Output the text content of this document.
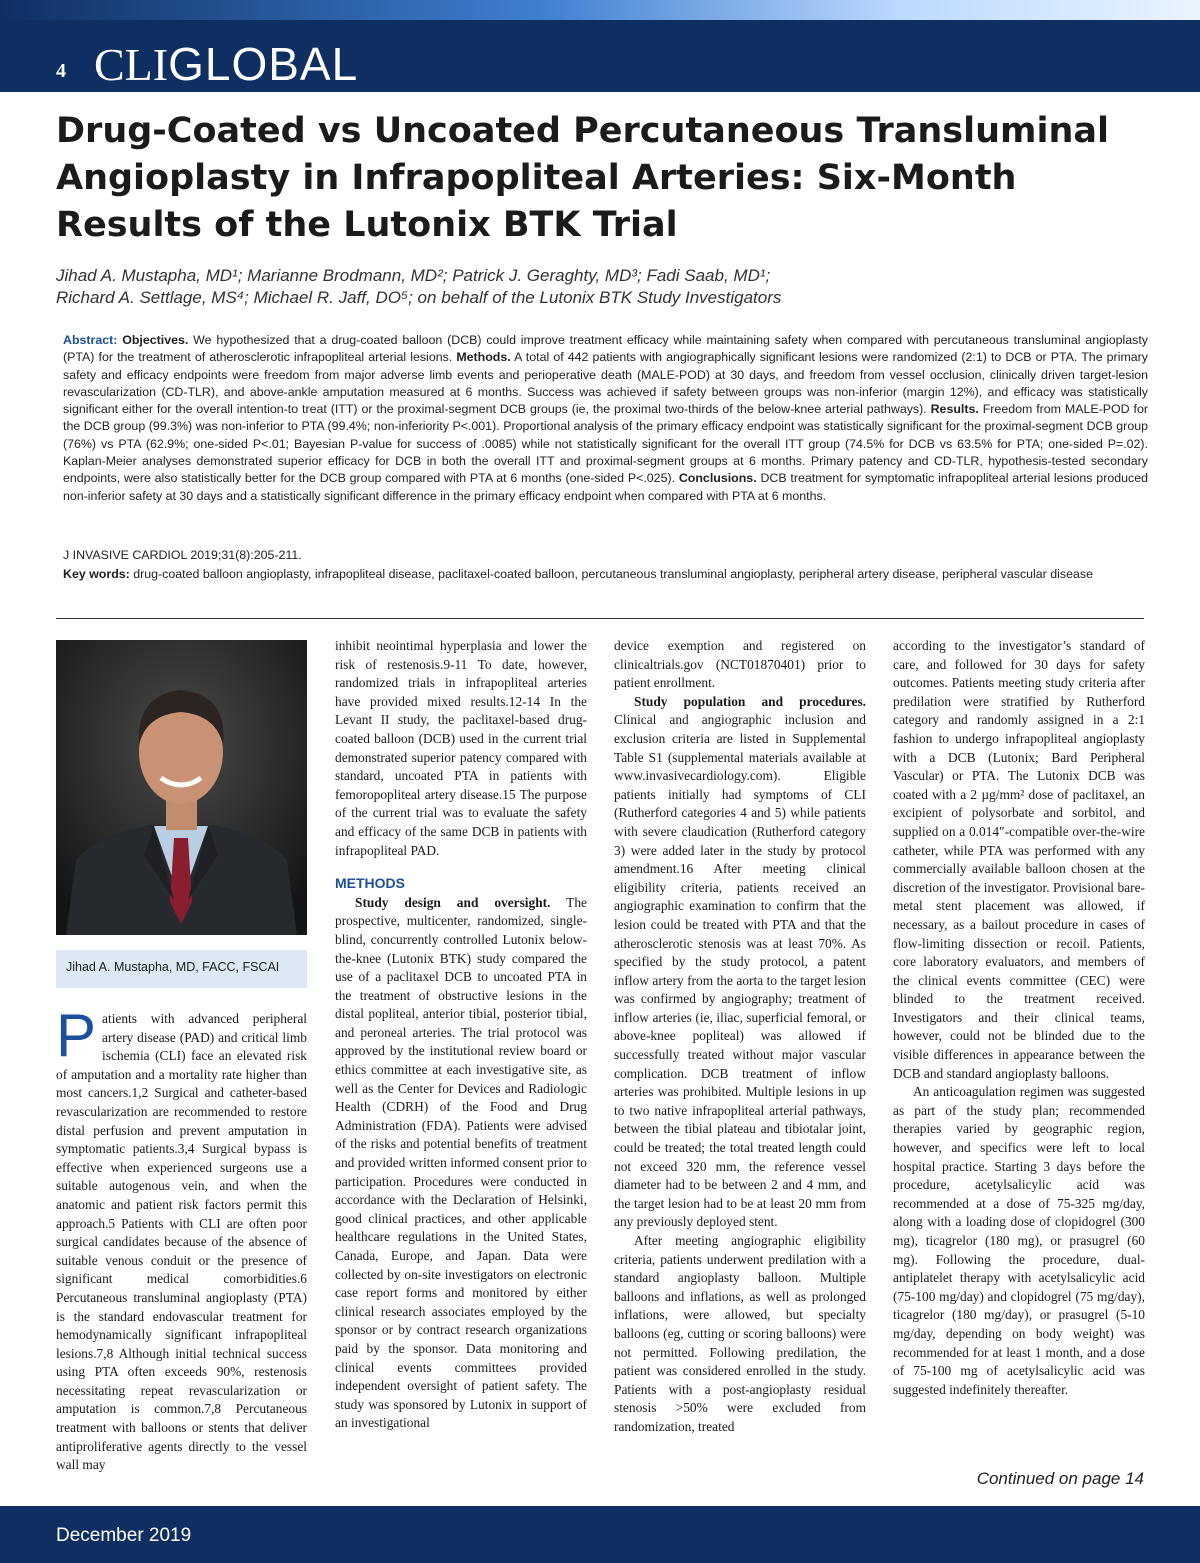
4 CLIGLOBAL
Drug-Coated vs Uncoated Percutaneous Transluminal Angioplasty in Infrapopliteal Arteries: Six-Month Results of the Lutonix BTK Trial
Jihad A. Mustapha, MD¹; Marianne Brodmann, MD²; Patrick J. Geraghty, MD³; Fadi Saab, MD¹;
Richard A. Settlage, MS⁴; Michael R. Jaff, DO⁵; on behalf of the Lutonix BTK Study Investigators
Abstract: Objectives. We hypothesized that a drug-coated balloon (DCB) could improve treatment efficacy while maintaining safety when compared with percutaneous transluminal angioplasty (PTA) for the treatment of atherosclerotic infrapopliteal arterial lesions. Methods. A total of 442 patients with angiographically significant lesions were randomized (2:1) to DCB or PTA. The primary safety and efficacy endpoints were freedom from major adverse limb events and perioperative death (MALE-POD) at 30 days, and freedom from vessel occlusion, clinically driven target-lesion revascularization (CD-TLR), and above-ankle amputation measured at 6 months. Success was achieved if safety between groups was non-inferior (margin 12%), and efficacy was statistically significant either for the overall intention-to treat (ITT) or the proximal-segment DCB groups (ie, the proximal two-thirds of the below-knee arterial pathways). Results. Freedom from MALE-POD for the DCB group (99.3%) was non-inferior to PTA (99.4%; non-inferiority P<.001). Proportional analysis of the primary efficacy endpoint was statistically significant for the proximal-segment DCB group (76%) vs PTA (62.9%; one-sided P<.01; Bayesian P-value for success of .0085) while not statistically significant for the overall ITT group (74.5% for DCB vs 63.5% for PTA; one-sided P=.02). Kaplan-Meier analyses demonstrated superior efficacy for DCB in both the overall ITT and proximal-segment groups at 6 months. Primary patency and CD-TLR, hypothesis-tested secondary endpoints, were also statistically better for the DCB group compared with PTA at 6 months (one-sided P<.025). Conclusions. DCB treatment for symptomatic infrapopliteal arterial lesions produced non-inferior safety at 30 days and a statistically significant difference in the primary efficacy endpoint when compared with PTA at 6 months.
J INVASIVE CARDIOL 2019;31(8):205-211.
Key words: drug-coated balloon angioplasty, infrapopliteal disease, paclitaxel-coated balloon, percutaneous transluminal angioplasty, peripheral artery disease, peripheral vascular disease
Jihad A. Mustapha, MD, FACC, FSCAI
P atients with advanced peripheral artery disease (PAD) and critical limb ischemia (CLI) face an elevated risk of amputation and a mortality rate higher than most cancers.1,2 Surgical and catheter-based revascularization are recommended to restore distal perfusion and prevent amputation in symptomatic patients.3,4 Surgical bypass is effective when experienced surgeons use a suitable autogenous vein, and when the anatomic and patient risk factors permit this approach.5 Patients with CLI are often poor surgical candidates because of the absence of suitable venous conduit or the presence of significant medical comorbidities.6 Percutaneous transluminal angioplasty (PTA) is the standard endovascular treatment for hemodynamically significant infrapopliteal lesions.7,8 Although initial technical success using PTA often exceeds 90%, restenosis necessitating repeat revascularization or amputation is common.7,8 Percutaneous treatment with balloons or stents that deliver antiproliferative agents directly to the vessel wall may

inhibit neointimal hyperplasia and lower the risk of restenosis.9-11 To date, however, randomized trials in infrapopliteal arteries have provided mixed results.12-14 In the Levant II study, the paclitaxel-based drug-coated balloon (DCB) used in the current trial demonstrated superior patency compared with standard, uncoated PTA in patients with femoropopliteal artery disease.15 The purpose of the current trial was to evaluate the safety and efficacy of the same DCB in patients with infrapopliteal PAD.

METHODS

Study design and oversight. The prospective, multicenter, randomized, single-blind, concurrently controlled Lutonix below-the-knee (Lutonix BTK) study compared the use of a paclitaxel DCB to uncoated PTA in the treatment of obstructive lesions in the distal popliteal, anterior tibial, posterior tibial, and peroneal arteries. The trial protocol was approved by the institutional review board or ethics committee at each investigative site, as well as the Center for Devices and Radiologic Health (CDRH) of the Food and Drug Administration (FDA). Patients were advised of the risks and potential benefits of treatment and provided written informed consent prior to participation. Procedures were conducted in accordance with the Declaration of Helsinki, good clinical practices, and other applicable healthcare regulations in the United States, Canada, Europe, and Japan. Data were collected by on-site investigators on electronic case report forms and monitored by either clinical research associates employed by the sponsor or by contract research organizations paid by the sponsor. Data monitoring and clinical events committees provided independent oversight of patient safety. The study was sponsored by Lutonix in support of an investigational

device exemption and registered on clinicaltrials.gov (NCT01870401) prior to patient enrollment.

Study population and procedures. Clinical and angiographic inclusion and exclusion criteria are listed in Supplemental Table S1 (supplemental materials available at www.invasivecardiology.com). Eligible patients initially had symptoms of CLI (Rutherford categories 4 and 5) while patients with severe claudication (Rutherford category 3) were added later in the study by protocol amendment.16 After meeting clinical eligibility criteria, patients received an angiographic examination to confirm that the lesion could be treated with PTA and that the atherosclerotic stenosis was at least 70%. As specified by the study protocol, a patent inflow artery from the aorta to the target lesion was confirmed by angiography; treatment of inflow arteries (ie, iliac, superficial femoral, or above-knee popliteal) was allowed if successfully treated without major vascular complication. DCB treatment of inflow arteries was prohibited. Multiple lesions in up to two native infrapopliteal arterial pathways, between the tibial plateau and tibiotalar joint, could be treated; the total treated length could not exceed 320 mm, the reference vessel diameter had to be between 2 and 4 mm, and the target lesion had to be at least 20 mm from any previously deployed stent.

After meeting angiographic eligibility criteria, patients underwent predilation with a standard angioplasty balloon. Multiple balloons and inflations, as well as prolonged inflations, were allowed, but specialty balloons (eg, cutting or scoring balloons) were not permitted. Following predilation, the patient was considered enrolled in the study. Patients with a post-angioplasty residual stenosis >50% were excluded from randomization, treated

according to the investigator’s standard of care, and followed for 30 days for safety outcomes. Patients meeting study criteria after predilation were stratified by Rutherford category and randomly assigned in a 2:1 fashion to undergo infrapopliteal angioplasty with a DCB (Lutonix; Bard Peripheral Vascular) or PTA. The Lutonix DCB was coated with a 2 µg/mm² dose of paclitaxel, an excipient of polysorbate and sorbitol, and supplied on a 0.014″-compatible over-the-wire catheter, while PTA was performed with any commercially available balloon chosen at the discretion of the investigator. Provisional bare-metal stent placement was allowed, if necessary, as a bailout procedure in cases of flow-limiting dissection or recoil. Patients, core laboratory evaluators, and members of the clinical events committee (CEC) were blinded to the treatment received. Investigators and their clinical teams, however, could not be blinded due to the visible differences in appearance between the DCB and standard angioplasty balloons.

An anticoagulation regimen was suggested as part of the study plan; recommended therapies varied by geographic region, however, and specifics were left to local hospital practice. Starting 3 days before the procedure, acetylsalicylic acid was recommended at a dose of 75-325 mg/day, along with a loading dose of clopidogrel (300 mg), ticagrelor (180 mg), or prasugrel (60 mg). Following the procedure, dual-antiplatelet therapy with acetylsalicylic acid (75-100 mg/day) and clopidogrel (75 mg/day), ticagrelor (180 mg/day), or prasugrel (5-10 mg/day, depending on body weight) was recommended for at least 1 month, and a dose of 75-100 mg of acetylsalicylic acid was suggested indefinitely thereafter.

Continued on page 14
December 2019
